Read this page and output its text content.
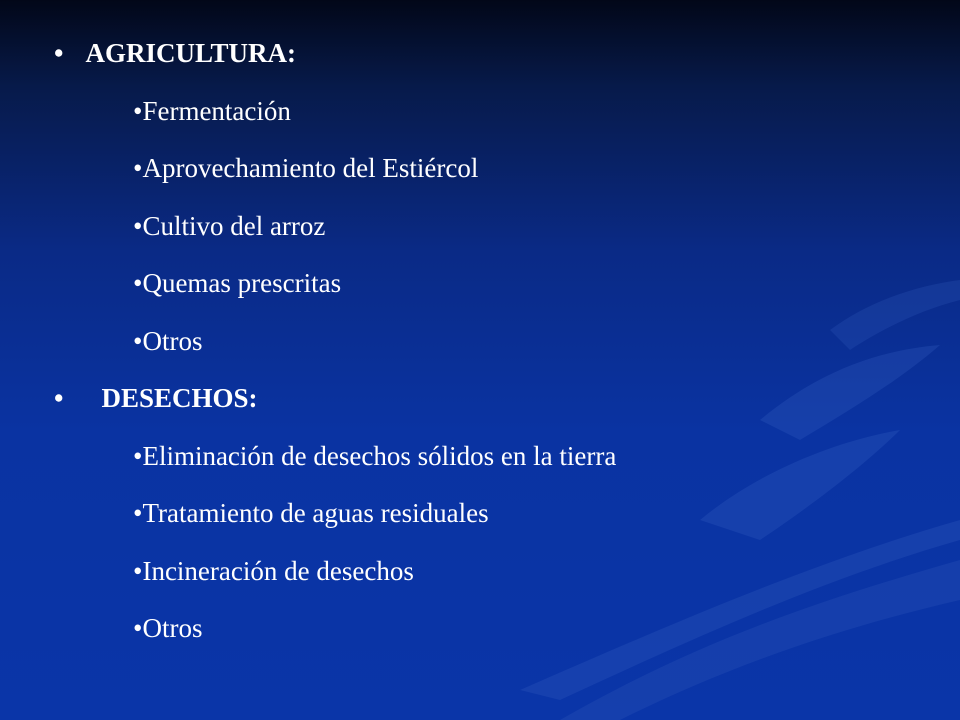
• AGRICULTURA:
•Fermentación
•Aprovechamiento del Estiércol
•Cultivo del arroz
•Quemas prescritas
•Otros
• DESECHOS:
•Eliminación de desechos sólidos en la tierra
•Tratamiento de aguas residuales
•Incineración de desechos
•Otros
